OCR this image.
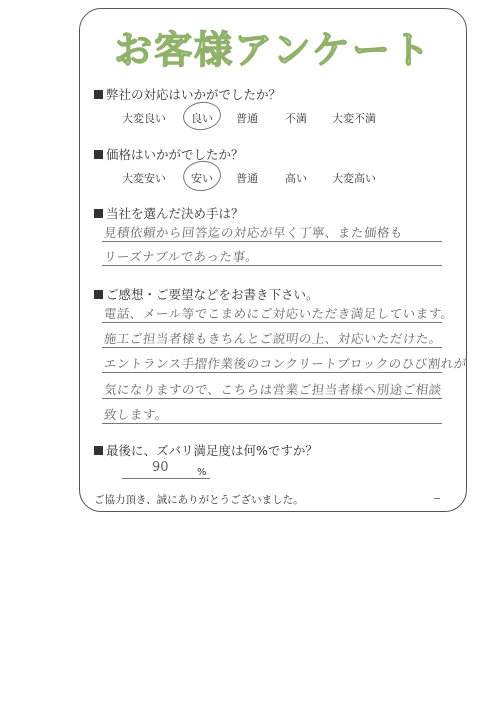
お客様アンケート
弊社の対応はいかがでしたか？
大変良い 良い 普通 不満 大変不満
価格はいかがでしたか？
大変安い 安い 普通 高い 大変高い
当社を選んだ決め手は？
見積依頼から回答迄の対応が早く丁寧、また価格も
リーズナブルであった事。
ご感想・ご要望などをお書き下さい。
電話、メール等でこまめにご対応いただき満足しています。
施工ご担当者様もきちんとご説明の上、対応いただけた。
エントランス手摺作業後のコンクリートブロックのひび割れが
気になりますので、こちらは営業ご担当者様へ別途ご相談
致します。
最後に、ズバリ満足度は何%ですか？
90	%
ご協力頂き、誠にありがとうございました。
